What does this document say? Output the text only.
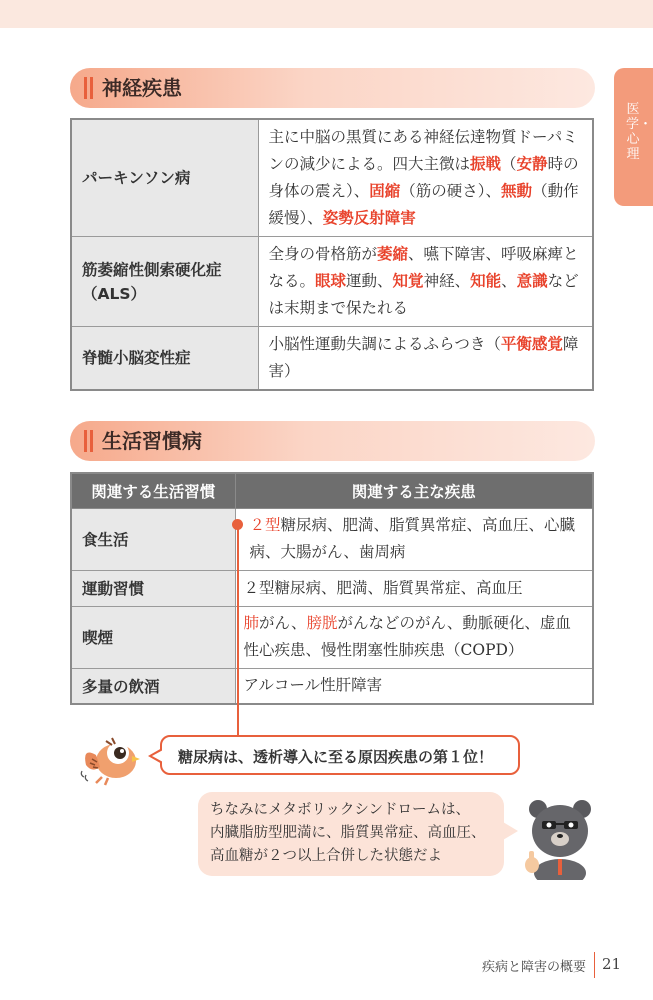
医学・心理
神経疾患
パーキンソン病	主に中脳の黒質にある神経伝達物質ドーパミンの減少による。四大主徴は振戦（安静時の身体の震え）、固縮（筋の硬さ）、無動（動作緩慢）、姿勢反射障害
筋萎縮性側索硬化症（ALS）	全身の骨格筋が萎縮、嚥下障害、呼吸麻痺となる。眼球運動、知覚神経、知能、意識などは末期まで保たれる
脊髄小脳変性症	小脳性運動失調によるふらつき（平衡感覚障害）
生活習慣病
関連する生活習慣	関連する主な疾患
食生活	２型糖尿病、肥満、脂質異常症、高血圧、心臓病、大腸がん、歯周病
運動習慣	２型糖尿病、肥満、脂質異常症、高血圧
喫煙	肺がん、膀胱がんなどのがん、動脈硬化、虚血性心疾患、慢性閉塞性肺疾患（COPD）
多量の飲酒	アルコール性肝障害
糖尿病は、透析導入に至る原因疾患の第１位！
ちなみにメタボリックシンドロームは、
内臓脂肪型肥満に、脂質異常症、高血圧、
高血糖が２つ以上合併した状態だよ
疾病と障害の概要 21
